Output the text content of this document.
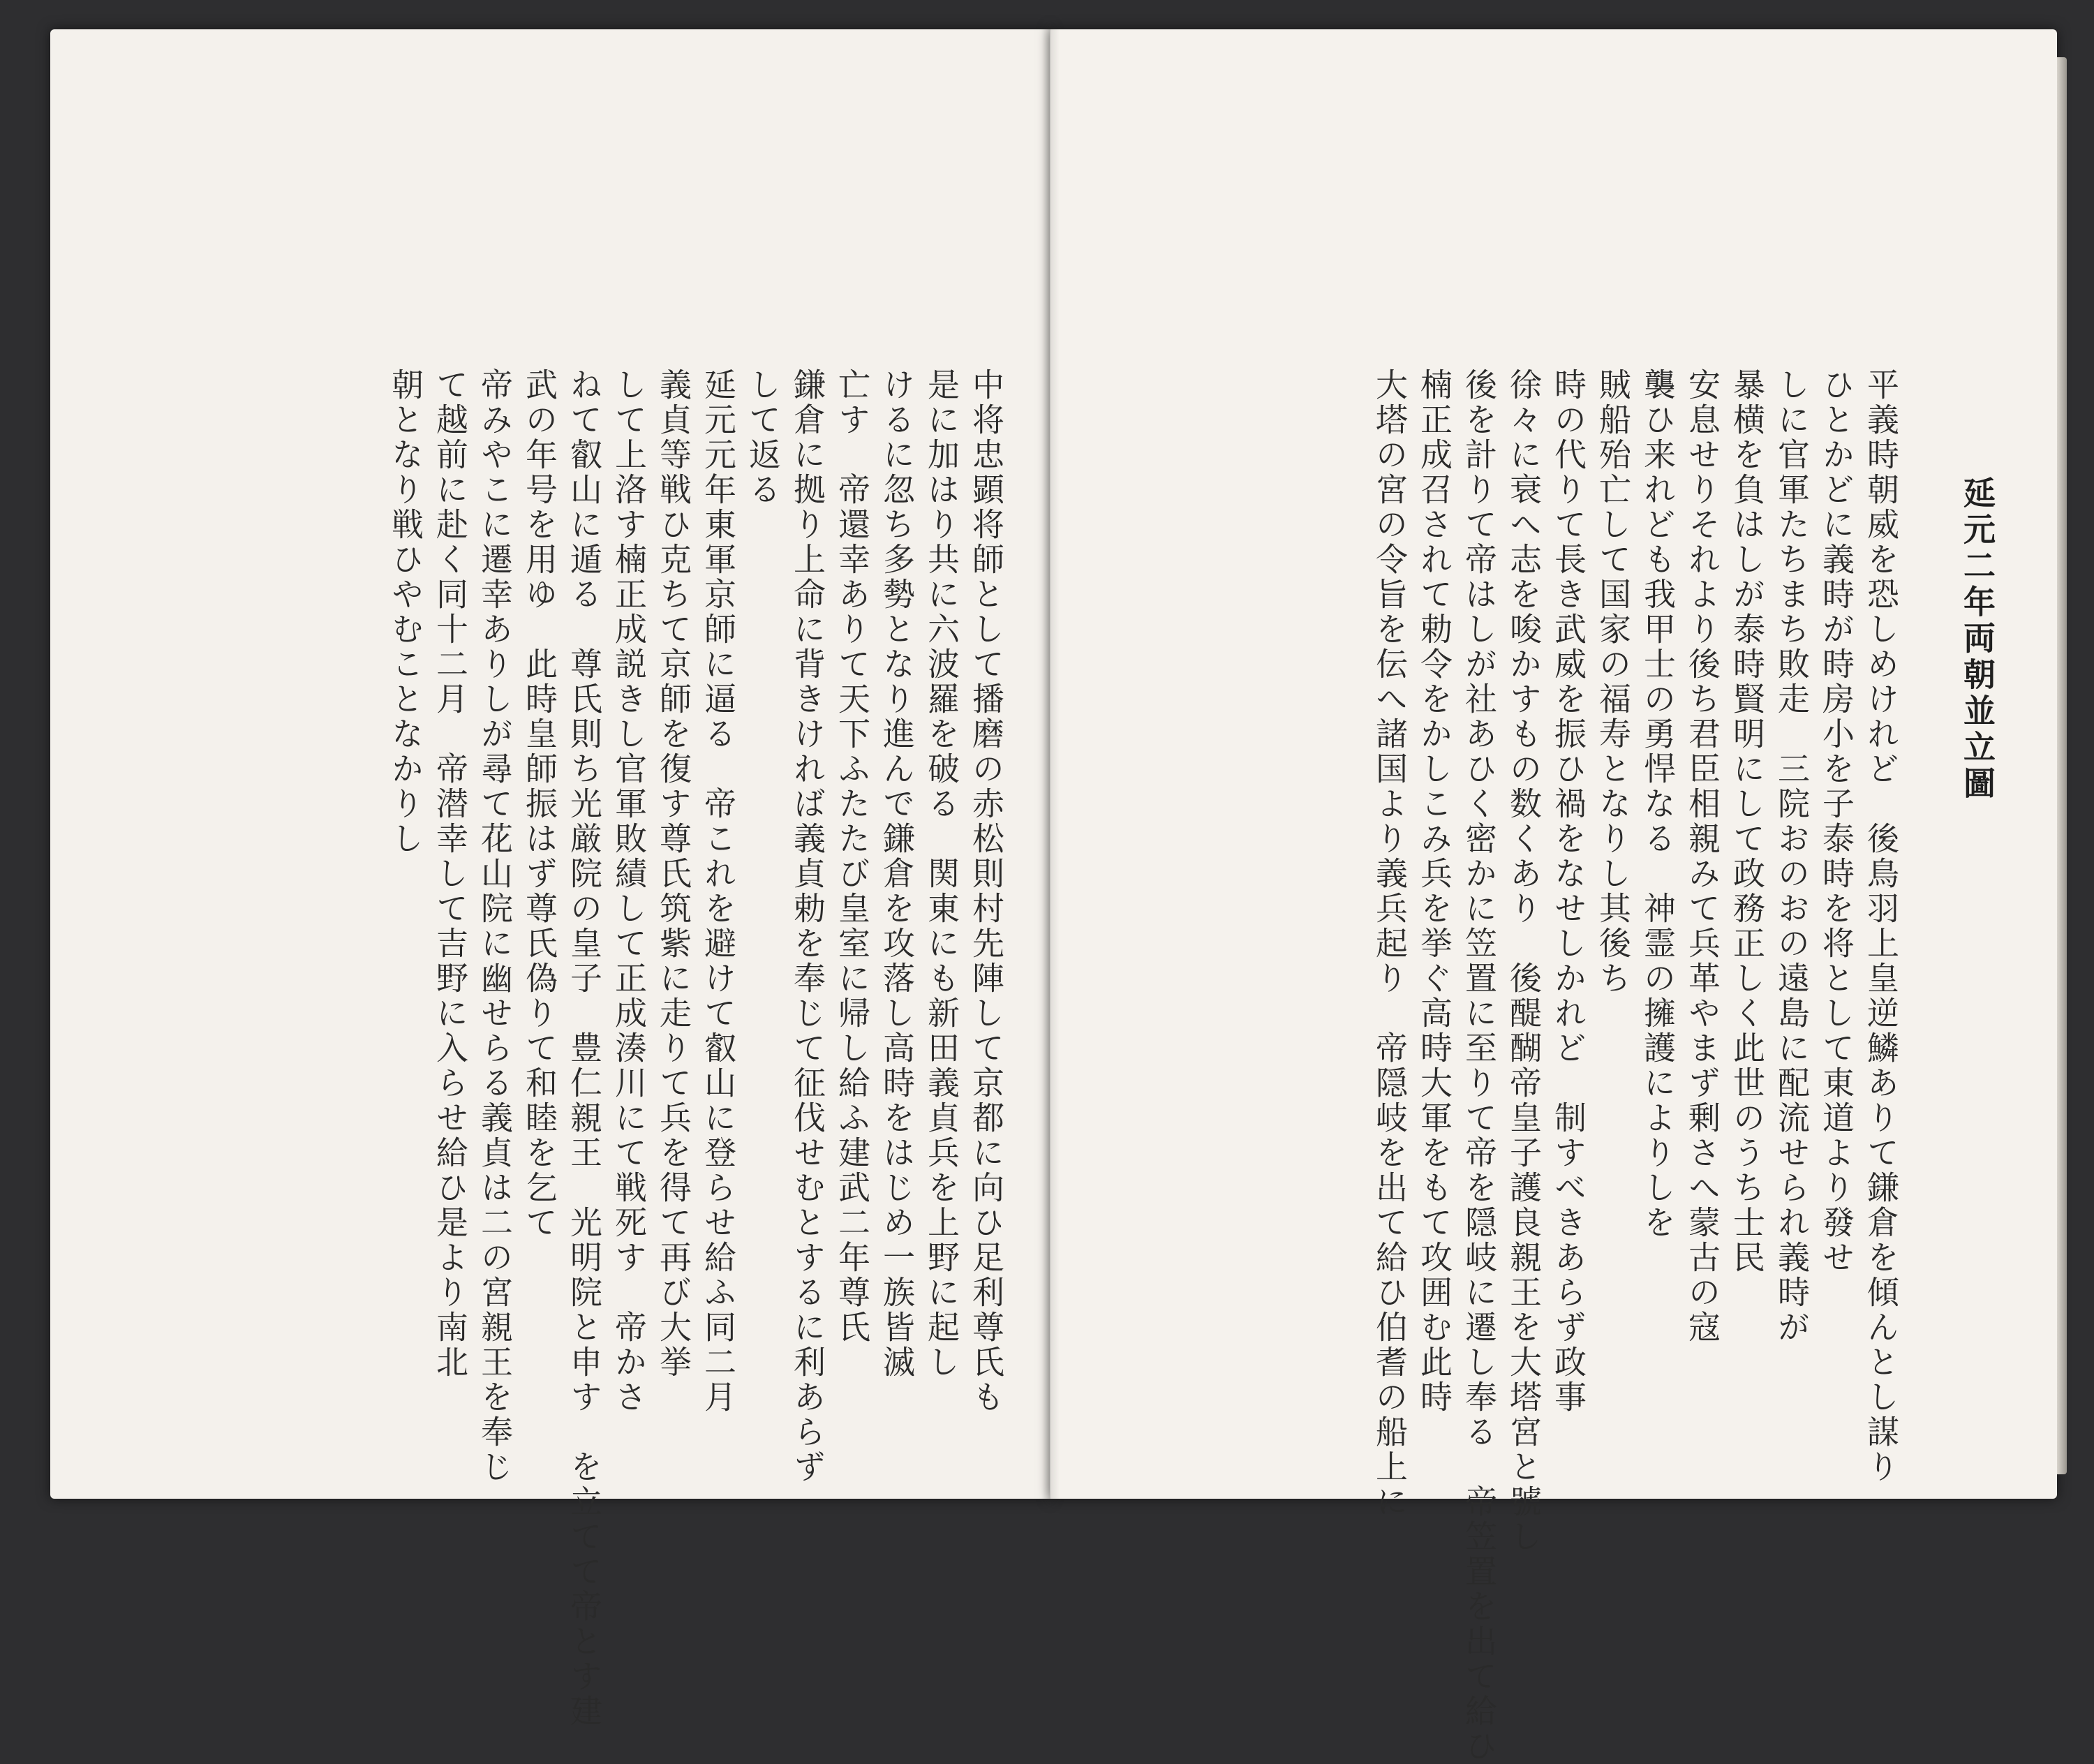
中将忠顕将師として播磨の赤松則村先陣して京都に向ひ足利尊氏も
是に加はり共に六波羅を破る　関東にも新田義貞兵を上野に起し
けるに忽ち多勢となり進んで鎌倉を攻落し高時をはじめ一族皆滅
亡す　帝還幸ありて天下ふたたび皇室に帰し給ふ建武二年尊氏
鎌倉に拠り上命に背きければ義貞勅を奉じて征伐せむとするに利あらず
して返る
延元元年東軍京師に逼る　帝これを避けて叡山に登らせ給ふ同二月
義貞等戦ひ克ちて京師を復す尊氏筑紫に走りて兵を得て再び大挙
して上洛す楠正成説きし官軍敗績して正成湊川にて戦死す　帝かさ
ねて叡山に遁る　尊氏則ち光厳院の皇子　豊仁親王　光明院と申す　を立てて帝とす建
武の年号を用ゆ　此時皇師振はず尊氏偽りて和睦を乞て
帝みやこに遷幸ありしが尋て花山院に幽せらる義貞は二の宮親王を奉じ
て越前に赴く同十二月　帝潜幸して吉野に入らせ給ひ是より南北
朝となり戦ひやむことなかりし	平義時朝威を恐しめけれど　後鳥羽上皇逆鱗ありて鎌倉を傾んとし謀り
ひとかどに義時が時房小を子泰時を将として東道より發せ
しに官軍たちまち敗走　三院おのおの遠島に配流せられ義時が
暴横を負はしが泰時賢明にして政務正しく此世のうち士民
安息せりそれより後ち君臣相親みて兵革やまず剰さへ蒙古の寇
襲ひ来れども我甲士の勇悍なる　神霊の擁護によりしを
賊船殆亡して国家の福寿となりし其後ち
時の代りて長き武威を振ひ禍をなせしかれど　制すべきあらず政事
徐々に衰へ志を唆かすもの数くあり　後醍醐帝皇子護良親王を大塔宮と號し
後を計りて帝はしが社あひく密かに笠置に至りて帝を隠岐に遷し奉る　帝笠置を出て給ひ
楠正成召されて勅令をかしこみ兵を挙ぐ高時大軍をもて攻囲む此時
大塔の宮の令旨を伝へ諸国より義兵起り　帝隠岐を出て給ひ伯耆の船上に	延元二年両朝並立圖
